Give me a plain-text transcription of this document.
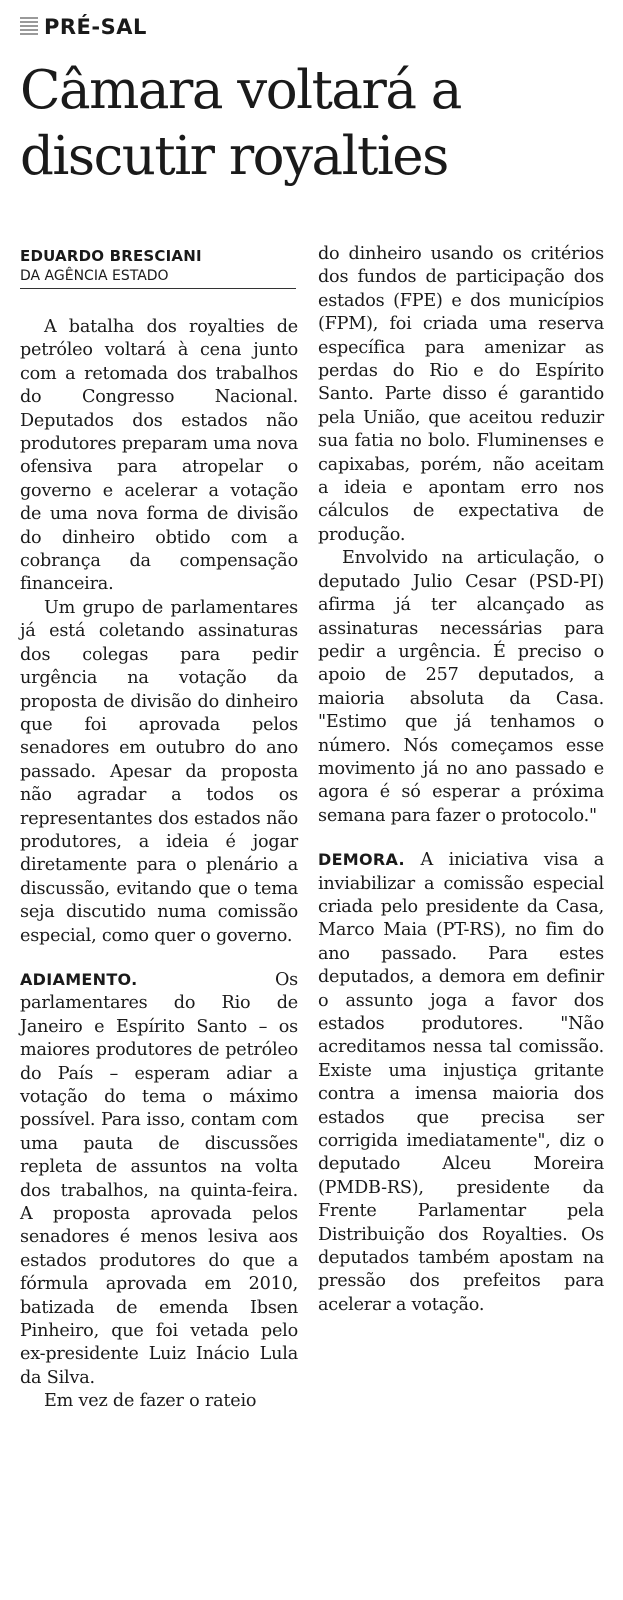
PRÉ-SAL
Câmara voltará a discutir royalties
EDUARDO BRESCIANI
DA AGÊNCIA ESTADO

A batalha dos royalties de petróleo voltará à cena junto com a retomada dos trabalhos do Congresso Nacional. Deputados dos estados não produtores preparam uma nova ofensiva para atropelar o governo e acelerar a votação de uma nova forma de divisão do dinheiro obtido com a cobrança da compensação financeira.

Um grupo de parlamentares já está coletando assinaturas dos colegas para pedir urgência na votação da proposta de divisão do dinheiro que foi aprovada pelos senadores em outubro do ano passado. Apesar da proposta não agradar a todos os representantes dos estados não produtores, a ideia é jogar diretamente para o plenário a discussão, evitando que o tema seja discutido numa comissão especial, como quer o governo.

ADIAMENTO.	Os parlamentares do Rio de Janeiro e Espírito Santo – os maiores produtores de petróleo do País – esperam adiar a votação do tema o máximo possível. Para isso, contam com uma pauta de discussões repleta de assuntos na volta dos trabalhos, na quinta-feira. A proposta aprovada pelos senadores é menos lesiva aos estados produtores do que a fórmula aprovada em 2010, batizada de emenda Ibsen Pinheiro, que foi vetada pelo ex-presidente Luiz Inácio Lula da Silva.

Em vez de fazer o rateio

do dinheiro usando os critérios dos fundos de participação dos estados (FPE) e dos municípios (FPM), foi criada uma reserva específica para amenizar as perdas do Rio e do Espírito Santo. Parte disso é garantido pela União, que aceitou reduzir sua fatia no bolo. Fluminenses e capixabas, porém, não aceitam a ideia e apontam erro nos cálculos de expectativa de produção.

Envolvido na articulação, o deputado Julio Cesar (PSD-PI) afirma já ter alcançado as assinaturas necessárias para pedir a urgência. É preciso o apoio de 257 deputados, a maioria absoluta da Casa. "Estimo que já tenhamos o número. Nós começamos esse movimento já no ano passado e agora é só esperar a próxima semana para fazer o protocolo."

DEMORA. A iniciativa visa a inviabilizar a comissão especial criada pelo presidente da Casa, Marco Maia (PT-RS), no fim do ano passado. Para estes deputados, a demora em definir o assunto joga a favor dos estados produtores. "Não acreditamos nessa tal comissão. Existe uma injustiça gritante contra a imensa maioria dos estados que precisa ser corrigida imediatamente", diz o deputado Alceu Moreira (PMDB-RS), presidente da Frente Parlamentar pela Distribuição dos Royalties. Os deputados também apostam na pressão dos prefeitos para acelerar a votação.
